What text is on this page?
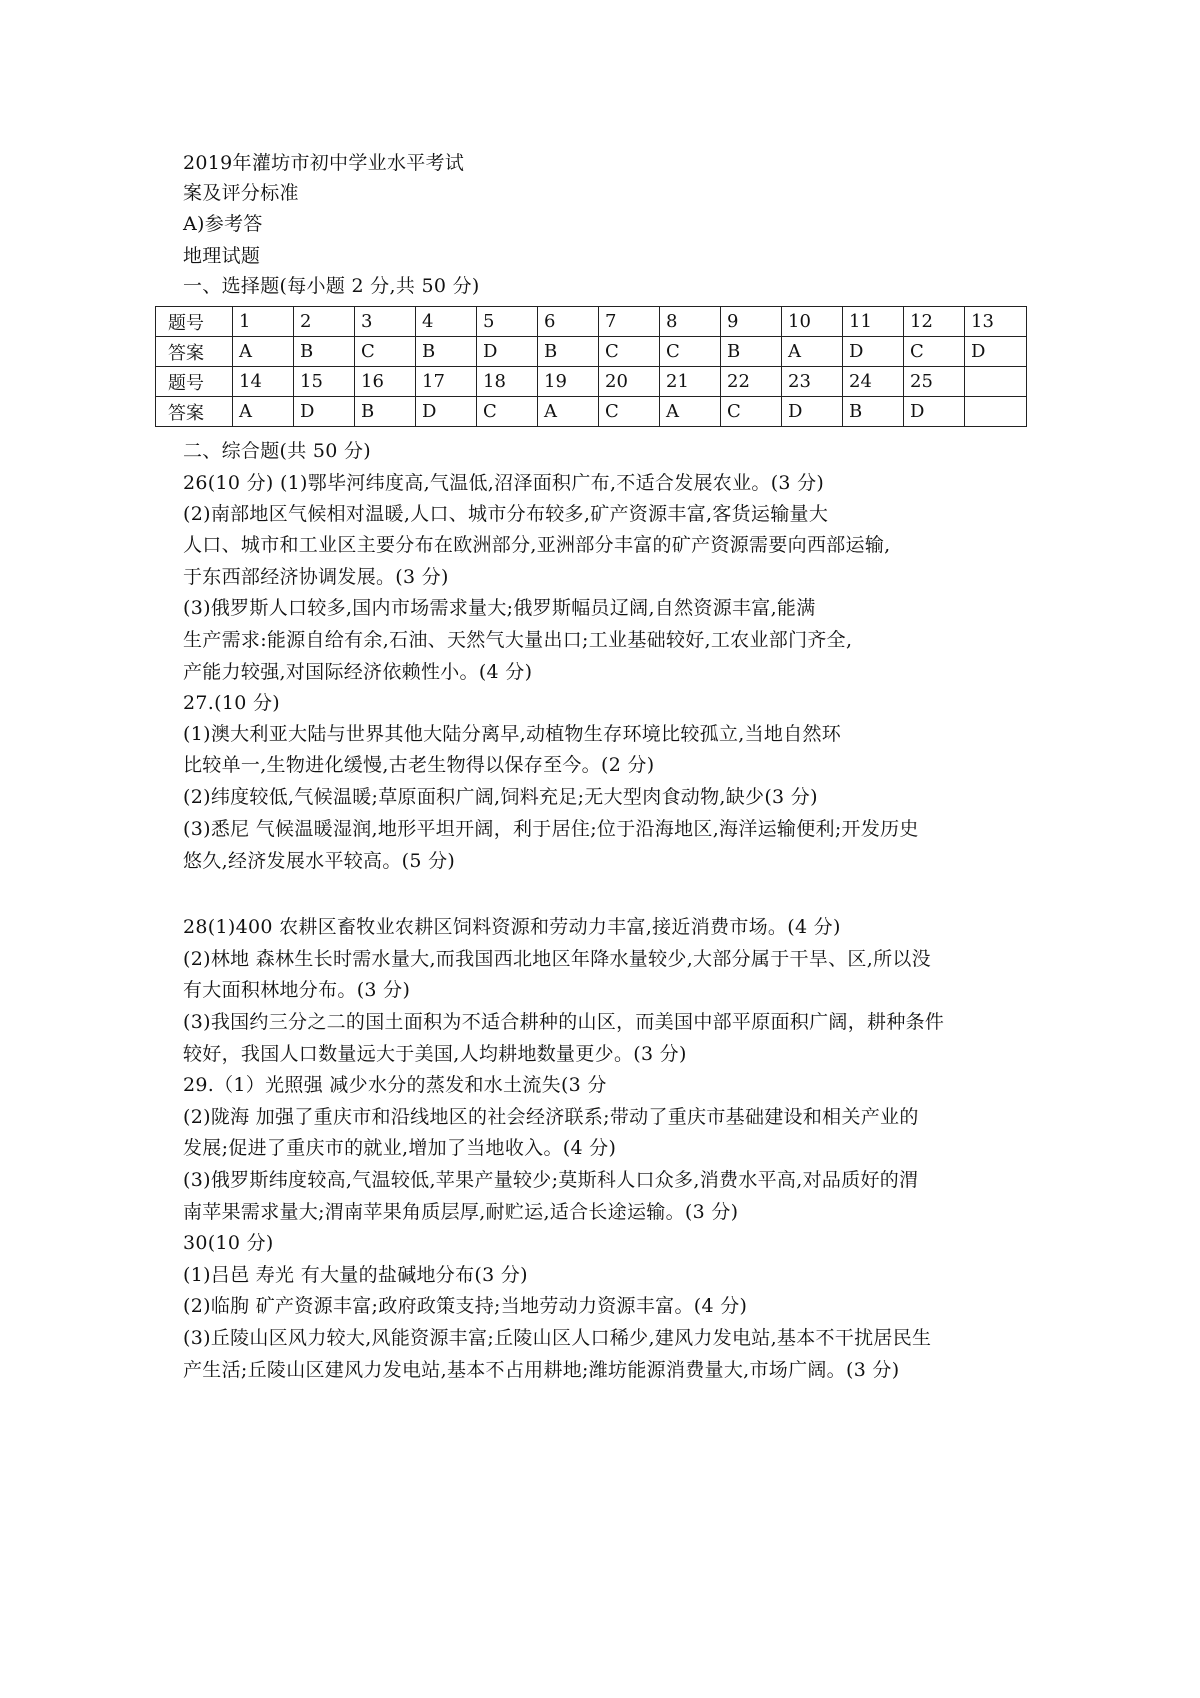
2019年灌坊市初中学业水平考试
案及评分标准
A)参考答
地理试题
一、选择题(每小题 2 分,共 50 分)
题号	1	2	3	4	5	6	7	8	9	10	11	12	13
答案	A	B	C	B	D	B	C	C	B	A	D	C	D
题号	14	15	16	17	18	19	20	21	22	23	24	25	
答案	A	D	B	D	C	A	C	A	C	D	B	D	
二、综合题(共 50 分)
26(10 分) (1)鄂毕河纬度高,气温低,沼泽面积广布,不适合发展农业。(3 分)
(2)南部地区气候相对温暖,人口、城市分布较多,矿产资源丰富,客货运输量大
人口、城市和工业区主要分布在欧洲部分,亚洲部分丰富的矿产资源需要向西部运输,
于东西部经济协调发展。(3 分)
(3)俄罗斯人口较多,国内市场需求量大;俄罗斯幅员辽阔,自然资源丰富,能满
生产需求:能源自给有余,石油、天然气大量出口;工业基础较好,工农业部门齐全,
产能力较强,对国际经济依赖性小。(4 分)
27.(10 分)
(1)澳大利亚大陆与世界其他大陆分离早,动植物生存环境比较孤立,当地自然环
比较单一,生物进化缓慢,古老生物得以保存至今。(2 分)
(2)纬度较低,气候温暖;草原面积广阔,饲料充足;无大型肉食动物,缺少(3 分)
(3)悉尼 气候温暖湿润,地形平坦开阔，利于居住;位于沿海地区,海洋运输便利;开发历史
悠久,经济发展水平较高。(5 分)
28(1)400 农耕区畜牧业农耕区饲料资源和劳动力丰富,接近消费市场。(4 分)
(2)林地 森林生长时需水量大,而我国西北地区年降水量较少,大部分属于干旱、区,所以没
有大面积林地分布。(3 分)
(3)我国约三分之二的国土面积为不适合耕种的山区，而美国中部平原面积广阔，耕种条件
较好，我国人口数量远大于美国,人均耕地数量更少。(3 分)
29.（1）光照强 减少水分的蒸发和水土流失(3 分
(2)陇海 加强了重庆市和沿线地区的社会经济联系;带动了重庆市基础建设和相关产业的
发展;促进了重庆市的就业,增加了当地收入。(4 分)
(3)俄罗斯纬度较高,气温较低,苹果产量较少;莫斯科人口众多,消费水平高,对品质好的渭
南苹果需求量大;渭南苹果角质层厚,耐贮运,适合长途运输。(3 分)
30(10 分)
(1)吕邑 寿光 有大量的盐碱地分布(3 分)
(2)临朐 矿产资源丰富;政府政策支持;当地劳动力资源丰富。(4 分)
(3)丘陵山区风力较大,风能资源丰富;丘陵山区人口稀少,建风力发电站,基本不干扰居民生
产生活;丘陵山区建风力发电站,基本不占用耕地;潍坊能源消费量大,市场广阔。(3 分)
